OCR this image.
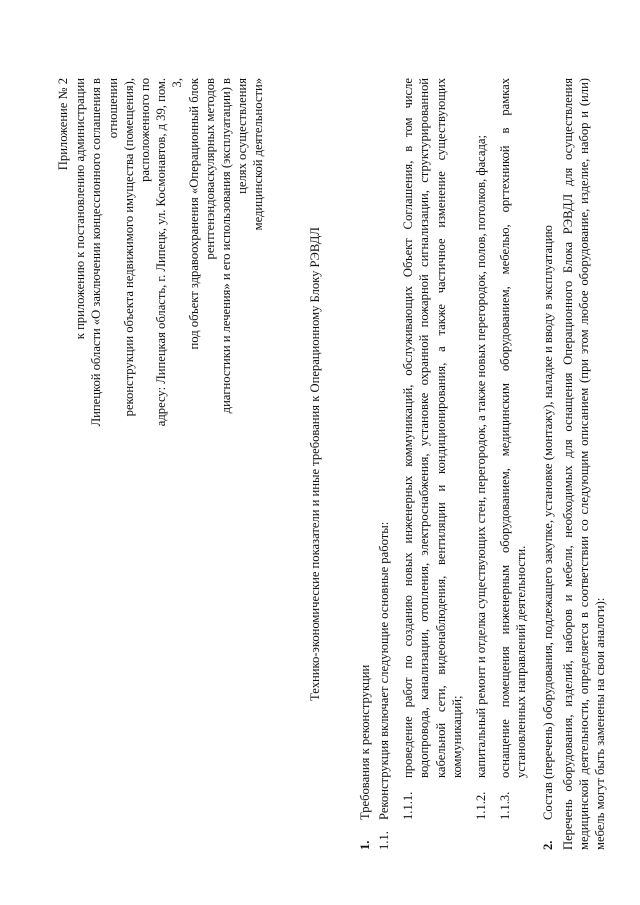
Приложение № 2 к приложению к постановлению администрации Липецкой области «О заключении концессионного соглашения в отношении реконструкции объекта недвижимого имущества (помещения), расположенного по адресу: Липецкая область, г. Липецк, ул. Космонавтов, д 39, пом. 3, под объект здравоохранения «Операционный блок рентгенэндоваскулярных методов диагностики и лечения» и его использования (эксплуатации) в целях осуществления медицинской деятельности»
Технико-экономические показатели и иные требования к Операционному Блоку РЭВДЛ
1.
Требования к реконструкции
1.1.
Реконструкция включает следующие основные работы: 1.1.1.
проведение работ по созданию новых инженерных коммуникаций, обслуживающих Объект Соглашения, в том числе водопровода, канализации, отопления, электроснабжения, установке охранной пожарной сигнализации, структурированной кабельной сети, видеонаблюдения, вентиляции и кондиционирования, а также частичное изменение существующих коммуникаций;
1.1.2.
капитальный ремонт и отделка существующих стен, перегородок, а также новых перегородок, полов, потолков, фасада;
1.1.3.
оснащение помещения инженерным оборудованием, медицинским оборудованием, мебелью, оргтехникой в рамках установленных направлений деятельности.
2.
Состав (перечень) оборудования, подлежащего закупке, установке (монтажу), наладке и вводу в эксплуатацию Перечень оборудования, изделий, наборов и мебели, необходимых для оснащения Операционного Блока РЭВДЛ для осуществления медицинской деятельности, определяется в соответствии со следующим описанием (при этом любое оборудование, изделие, набор и (или) мебель могут быть заменены на свои аналоги):
